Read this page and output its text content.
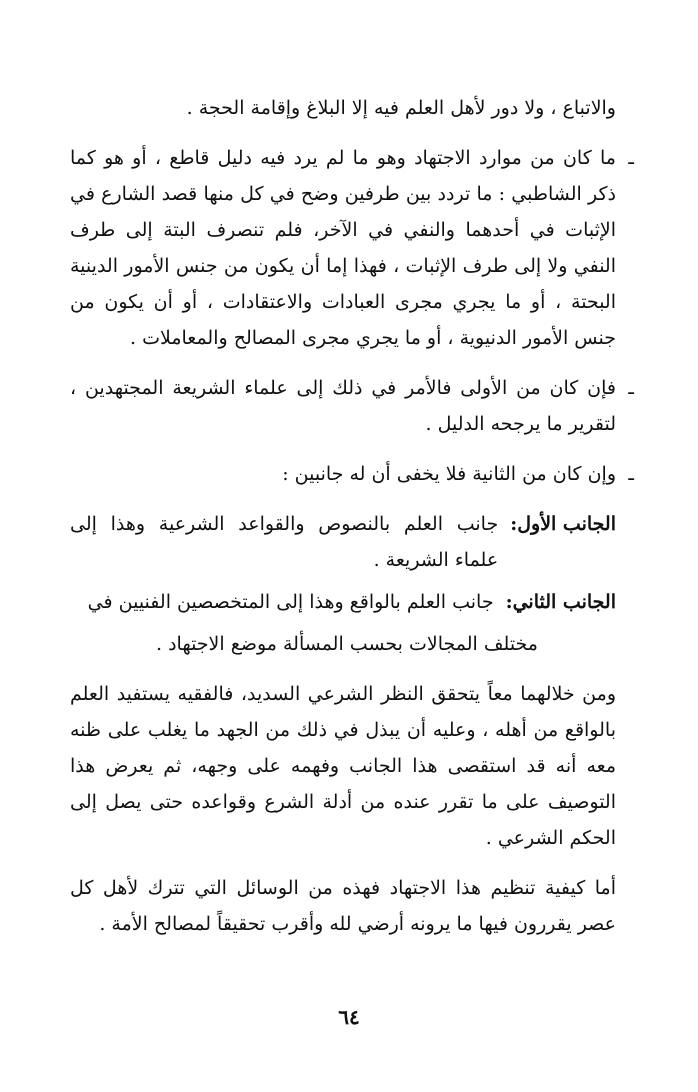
والاتباع ، ولا دور لأهل العلم فيه إلا البلاغ وإقامة الحجة .

ـ
ما كان من موارد الاجتهاد وهو ما لم يرد فيه دليل قاطع ، أو هو كما ذكر الشاطبي : ما تردد بين طرفين وضح في كل منها قصد الشارع في الإثبات في أحدهما والنفي في الآخر، فلم تنصرف البتة إلى طرف النفي ولا إلى طرف الإثبات ، فهذا إما أن يكون من جنس الأمور الدينية البحتة ، أو ما يجري مجرى العبادات والاعتقادات ، أو أن يكون من جنس الأمور الدنيوية ، أو ما يجري مجرى المصالح والمعاملات .
ـ
فإن كان من الأولى فالأمر في ذلك إلى علماء الشريعة المجتهدين ، لتقرير ما يرجحه الدليل .
ـ
وإن كان من الثانية فلا يخفى أن له جانبين :
الجانب الأول:
جانب العلم بالنصوص والقواعد الشرعية وهذا إلى علماء الشريعة .
الجانب الثاني:
جانب العلم بالواقع وهذا إلى المتخصصين الفنيين في

مختلف المجالات بحسب المسألة موضع الاجتهاد .

ومن خلالهما معاً يتحقق النظر الشرعي السديد، فالفقيه يستفيد العلم بالواقع من أهله ، وعليه أن يبذل في ذلك من الجهد ما يغلب على ظنه معه أنه قد استقصى هذا الجانب وفهمه على وجهه، ثم يعرض هذا التوصيف على ما تقرر عنده من أدلة الشرع وقواعده حتى يصل إلى الحكم الشرعي .

أما كيفية تنظيم هذا الاجتهاد فهذه من الوسائل التي تترك لأهل كل عصر يقررون فيها ما يرونه أرضي لله وأقرب تحقيقاً لمصالح الأمة .

٦٤
